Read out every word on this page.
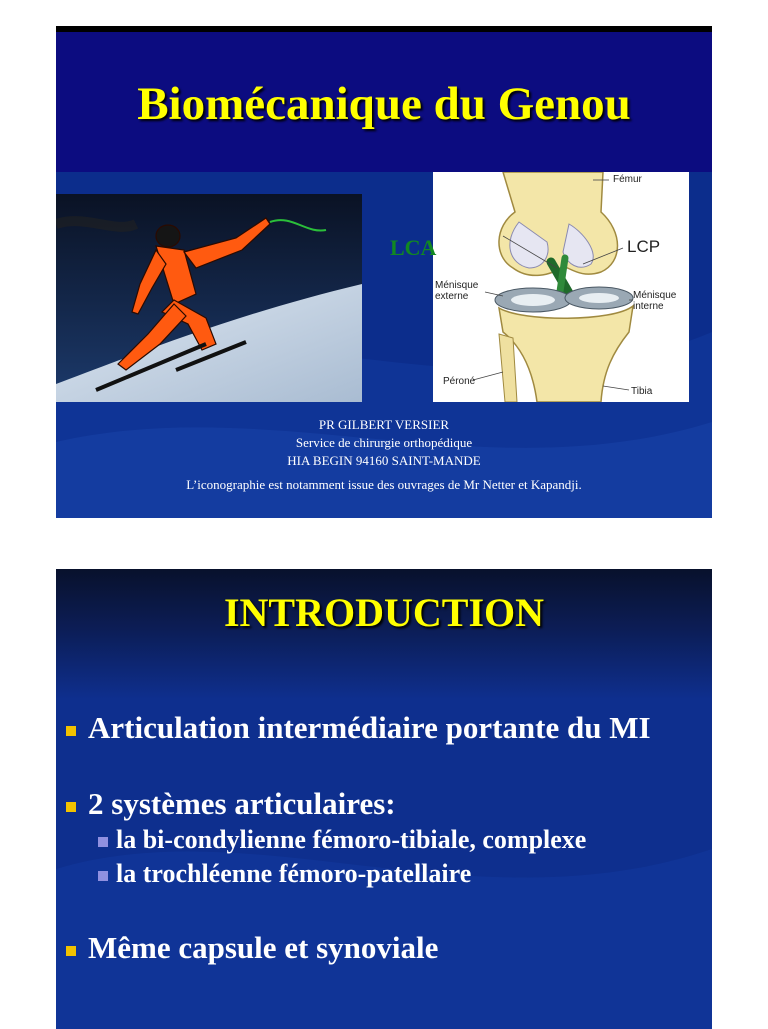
Biomécanique du Genou
Fémur
LCP
Ménisque externe	Ménisque interne
Péroné
Tibia
LCA
PR GILBERT VERSIER
Service de chirurgie orthopédique
HIA BEGIN 94160 SAINT-MANDE
L’iconographie est notamment issue des ouvrages de Mr Netter et Kapandji.
INTRODUCTION
Articulation intermédiaire portante du MI
2 systèmes articulaires:
la bi-condylienne fémoro-tibiale, complexe
la trochléenne fémoro-patellaire
Même capsule et synoviale
